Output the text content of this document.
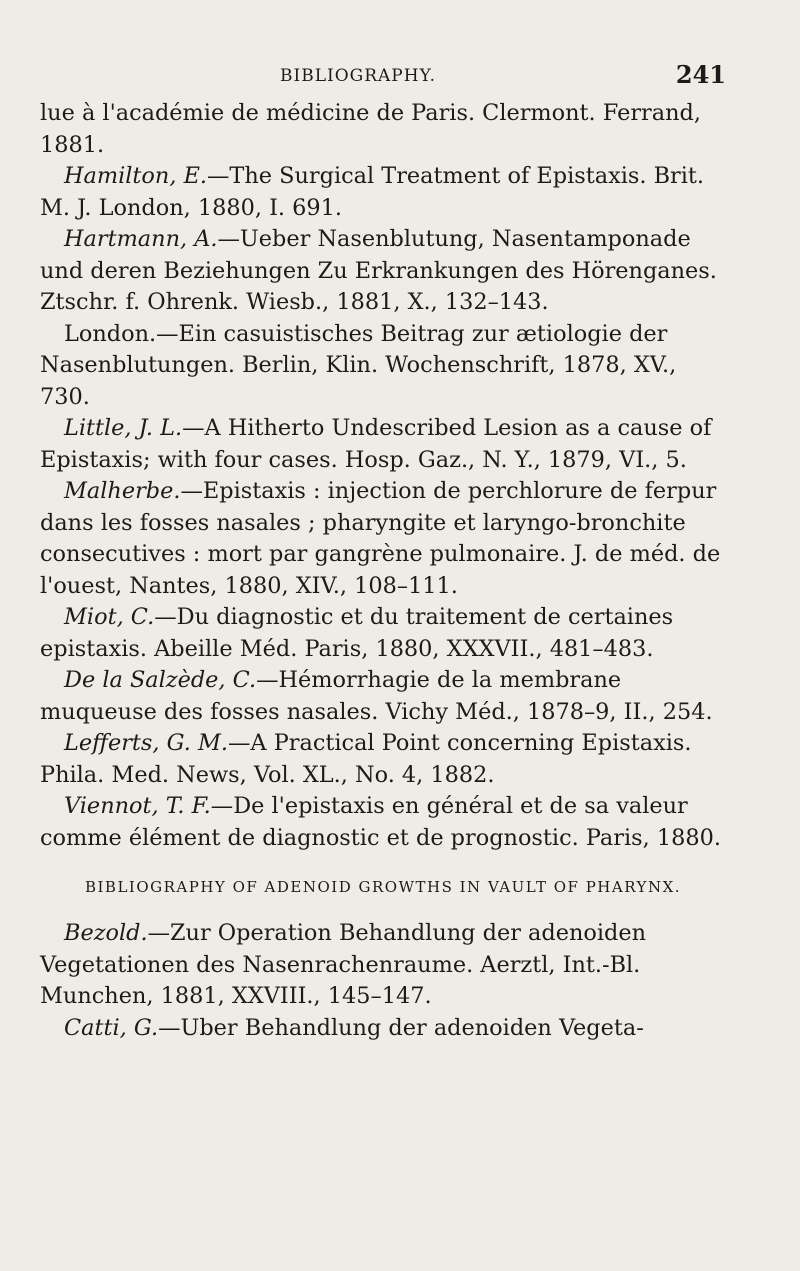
BIBLIOGRAPHY.	241

lue à l'académie de médicine de Paris. Clermont. Ferrand, 1881.

Hamilton, E.—The Surgical Treatment of Epistaxis. Brit. M. J. London, 1880, I. 691.

Hartmann, A.—Ueber Nasenblutung, Nasentamponade und deren Beziehungen Zu Erkrankungen des Hörenganes. Ztschr. f. Ohrenk. Wiesb., 1881, X., 132–143.

London.—Ein casuistisches Beitrag zur ætiologie der Nasenblutungen. Berlin, Klin. Wochenschrift, 1878, XV., 730.

Little, J. L.—A Hitherto Undescribed Lesion as a cause of Epistaxis; with four cases. Hosp. Gaz., N. Y., 1879, VI., 5.

Malherbe.—Epistaxis : injection de perchlorure de ferpur dans les fosses nasales ; pharyngite et laryngo-bronchite consecutives : mort par gangrène pulmonaire. J. de méd. de l'ouest, Nantes, 1880, XIV., 108–111.

Miot, C.—Du diagnostic et du traitement de certaines epistaxis. Abeille Méd. Paris, 1880, XXXVII., 481–483.

De la Salzède, C.—Hémorrhagie de la membrane muqueuse des fosses nasales. Vichy Méd., 1878–9, II., 254.

Lefferts, G. M.—A Practical Point concerning Epistaxis. Phila. Med. News, Vol. XL., No. 4, 1882.

Viennot, T. F.—De l'epistaxis en général et de sa valeur comme élément de diagnostic et de prognostic. Paris, 1880.

BIBLIOGRAPHY OF ADENOID GROWTHS IN VAULT OF PHARYNX.

Bezold.—Zur Operation Behandlung der adenoiden Vegetationen des Nasenrachenraume. Aerztl, Int.-Bl. Munchen, 1881, XXVIII., 145–147.

Catti, G.—Uber Behandlung der adenoiden Vegeta-
